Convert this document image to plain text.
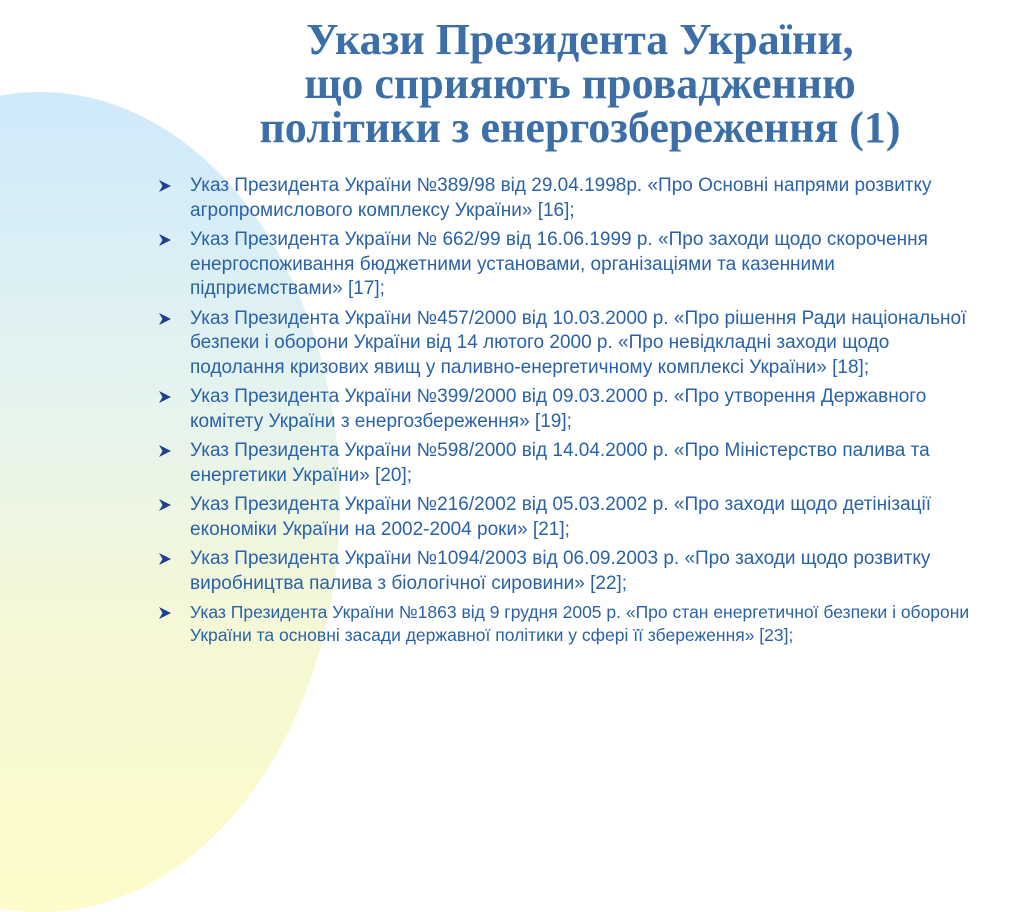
Укази Президента України,
що сприяють провадженню
політики з енергозбереження (1)
Указ Президента України №389/98 від 29.04.1998р. «Про Основні напрями розвитку агропромислового комплексу України» [16];
Указ Президента України № 662/99 від 16.06.1999 р. «Про заходи щодо скорочення енергоспоживання бюджетними установами, організаціями та казенними підприємствами» [17];
Указ Президента України №457/2000 від 10.03.2000 р. «Про рішення Ради національної безпеки і оборони України від 14 лютого 2000 р. «Про невідкладні заходи щодо подолання кризових явищ у паливно-енергетичному комплексі України» [18];
Указ Президента України №399/2000 від 09.03.2000 р. «Про утворення Державного комітету України з енергозбереження» [19];
Указ Президента України №598/2000 від 14.04.2000 р. «Про Міністерство палива та енергетики України» [20];
Указ Президента України №216/2002 від 05.03.2002 р. «Про заходи щодо детінізації економіки України на 2002-2004 роки» [21];
Указ Президента України №1094/2003 від 06.09.2003 р. «Про заходи щодо розвитку виробництва палива з біологічної сировини» [22];
Указ Президента України №1863 від 9 грудня 2005 р. «Про стан енергетичної безпеки і оборони України та основні засади державної політики у сфері її збереження» [23];
